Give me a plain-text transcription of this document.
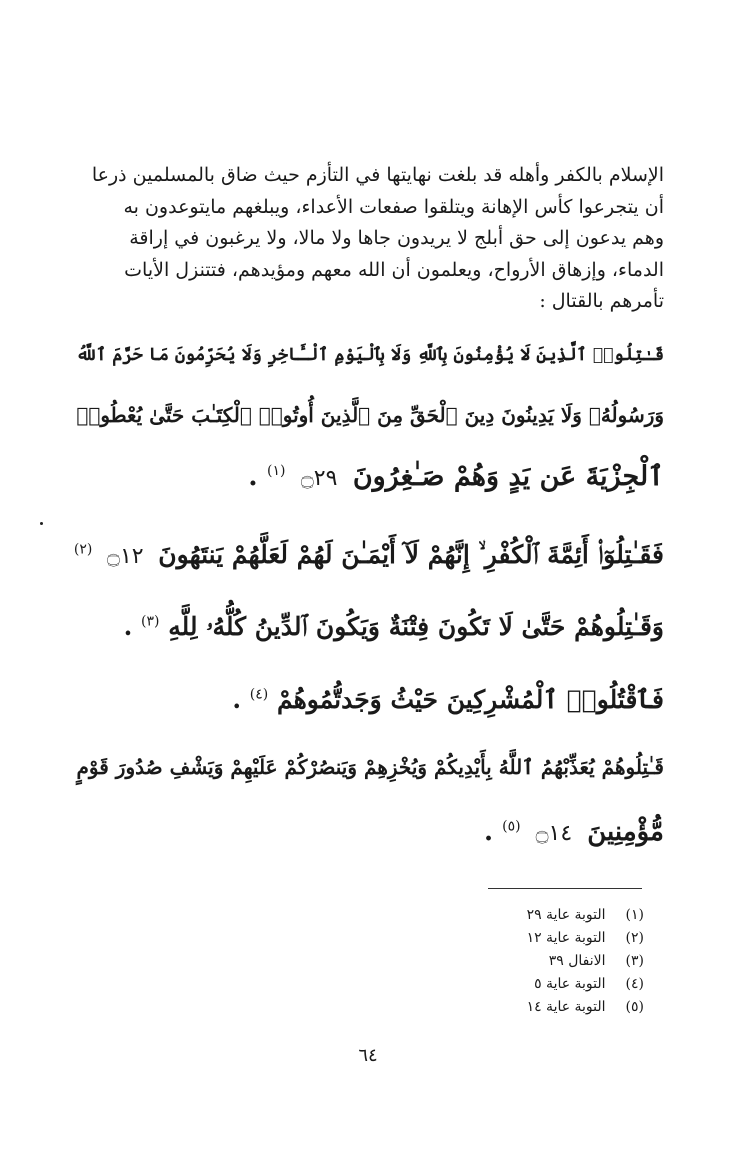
الإسلام بالكفر وأهله قد بلغت نهايتها في التأزم حيث ضاق بالمسلمين ذرعا

أن يتجرعوا كأس الإهانة ويتلقوا صفعات الأعداء، ويبلغهم مايتوعدون به

وهم يدعون إلى حق أبلج لا يريدون جاها ولا مالا، ولا يرغبون في إراقة

الدماء، وإزهاق الأرواح، ويعلمون أن الله معهم ومؤيدهم، فتتنزل الأيات

تأمرهم بالقتال :

قَـٰتِلُوا۟ ٱلَّذِينَ لَا يُؤْمِنُونَ بِٱللَّهِ وَلَا بِٱلْيَوْمِ ٱلْـَٔاخِرِ وَلَا يُحَرِّمُونَ مَا حَرَّمَ ٱللَّهُ
وَرَسُولُهُۥ وَلَا يَدِينُونَ دِينَ ٱلْحَقِّ مِنَ ٱلَّذِينَ أُوتُوا۟ ٱلْكِتَـٰبَ حَتَّىٰ يُعْطُوا۟
ٱلْجِزْيَةَ عَن يَدٍ وَهُمْ صَـٰغِرُونَ ۝٢٩ $^{(١)}$ .
فَقَـٰتِلُوٓا۟ أَئِمَّةَ ٱلْكُفْرِ ۙ إِنَّهُمْ لَآ أَيْمَـٰنَ لَهُمْ لَعَلَّهُمْ يَنتَهُونَ ۝١٢ $^{(٢)}$
وَقَـٰتِلُوهُمْ حَتَّىٰ لَا تَكُونَ فِتْنَةٌ وَيَكُونَ ٱلدِّينُ كُلُّهُۥ لِلَّهِ $^{(٣)}$ .
فَٱقْتُلُوا۟ ٱلْمُشْرِكِينَ حَيْثُ وَجَدتُّمُوهُمْ $^{(٤)}$ .
قَـٰتِلُوهُمْ يُعَذِّبْهُمُ ٱللَّهُ بِأَيْدِيكُمْ وَيُخْزِهِمْ وَيَنصُرْكُمْ عَلَيْهِمْ وَيَشْفِ صُدُورَ قَوْمٍ
مُّؤْمِنِينَ ۝١٤ $^{(٥)}$ .
(١) التوبة عاية ٢٩
(٢) التوبة عاية ١٢
(٣) الانفال ٣٩
(٤) التوبة عاية ٥
(٥) التوبة عاية ١٤
٦٤
